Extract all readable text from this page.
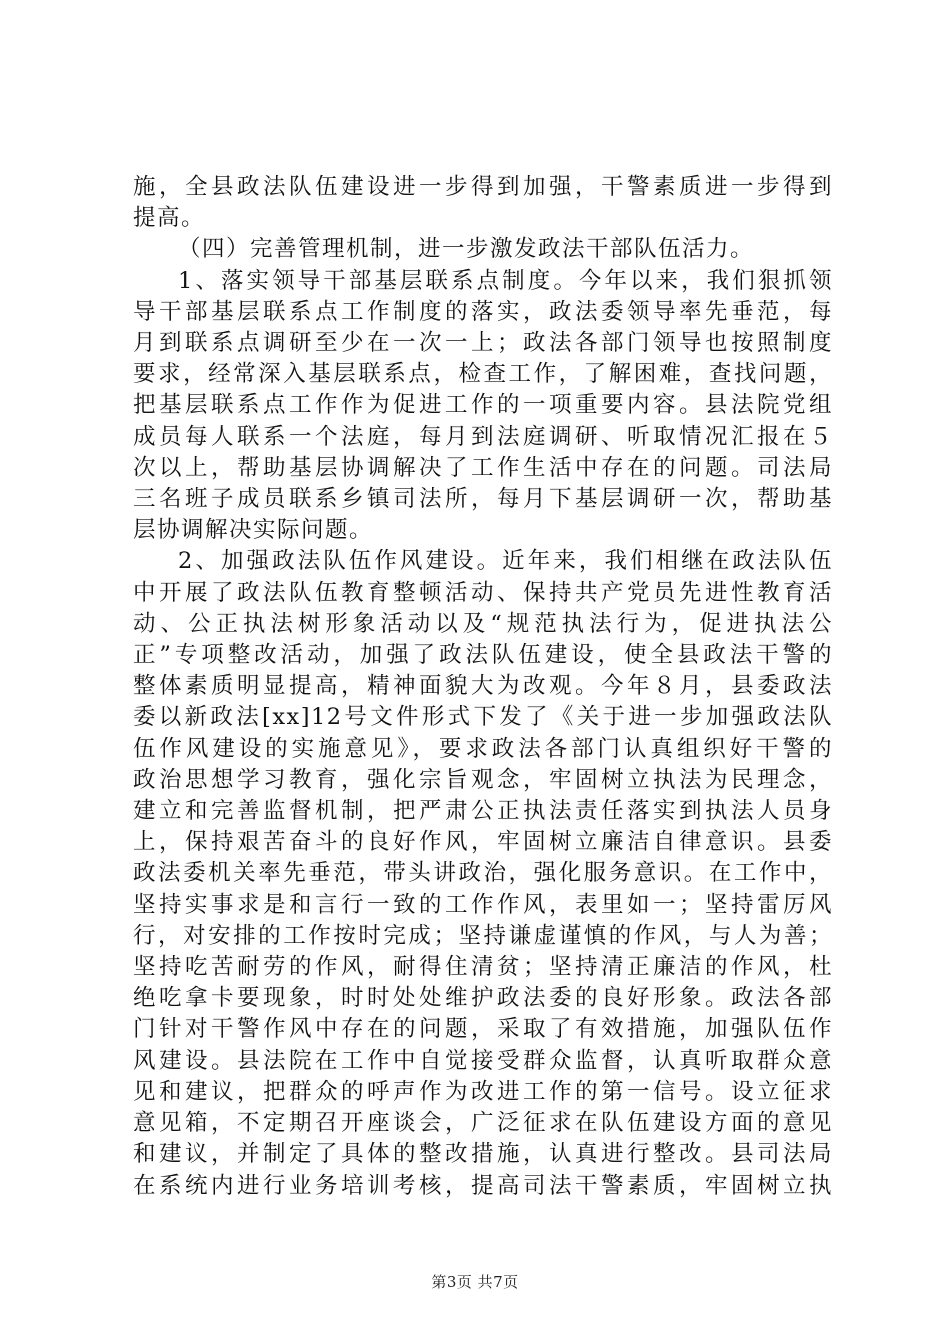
施，全县政法队伍建设进一步得到加强，干警素质进一步得到
提高。
（四）完善管理机制，进一步激发政法干部队伍活力。
1、落实领导干部基层联系点制度。今年以来，我们狠抓领
导干部基层联系点工作制度的落实，政法委领导率先垂范，每
月到联系点调研至少在一次一上；政法各部门领导也按照制度
要求，经常深入基层联系点，检查工作，了解困难，查找问题，
把基层联系点工作作为促进工作的一项重要内容。县法院党组
成员每人联系一个法庭，每月到法庭调研、听取情况汇报在５
次以上，帮助基层协调解决了工作生活中存在的问题。司法局
三名班子成员联系乡镇司法所，每月下基层调研一次，帮助基
层协调解决实际问题。
2、加强政法队伍作风建设。近年来，我们相继在政法队伍
中开展了政法队伍教育整顿活动、保持共产党员先进性教育活
动、公正执法树形象活动以及“规范执法行为，促进执法公
正”专项整改活动，加强了政法队伍建设，使全县政法干警的
整体素质明显提高，精神面貌大为改观。今年８月，县委政法
委以新政法[xx]12号文件形式下发了《关于进一步加强政法队
伍作风建设的实施意见》，要求政法各部门认真组织好干警的
政治思想学习教育，强化宗旨观念，牢固树立执法为民理念，
建立和完善监督机制，把严肃公正执法责任落实到执法人员身
上，保持艰苦奋斗的良好作风，牢固树立廉洁自律意识。县委
政法委机关率先垂范，带头讲政治，强化服务意识。在工作中，
坚持实事求是和言行一致的工作作风，表里如一；坚持雷厉风
行，对安排的工作按时完成；坚持谦虚谨慎的作风，与人为善；
坚持吃苦耐劳的作风，耐得住清贫；坚持清正廉洁的作风，杜
绝吃拿卡要现象，时时处处维护政法委的良好形象。政法各部
门针对干警作风中存在的问题，采取了有效措施，加强队伍作
风建设。县法院在工作中自觉接受群众监督，认真听取群众意
见和建议，把群众的呼声作为改进工作的第一信号。设立征求
意见箱，不定期召开座谈会，广泛征求在队伍建设方面的意见
和建议，并制定了具体的整改措施，认真进行整改。县司法局
在系统内进行业务培训考核，提高司法干警素质，牢固树立执
第3页 共7页
